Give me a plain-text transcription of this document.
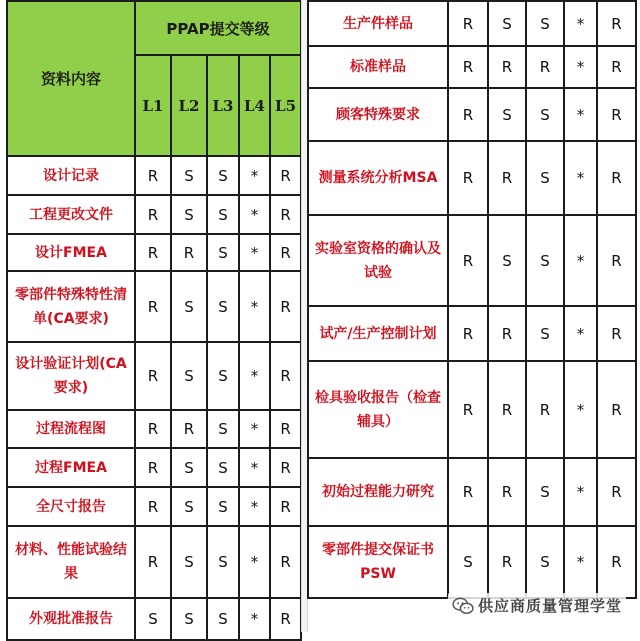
资料内容	PPAP提交等级				
	L1	L2	L3	L4	L5
设计记录	R	S	S	*	R
工程更改文件	R	S	S	*	R
设计FMEA	R	R	S	*	R
零部件特殊特性清单(CA要求)	R	S	S	*	R
设计验证计划(CA要求)	R	S	S	*	R
过程流程图	R	R	S	*	R
过程FMEA	R	S	S	*	R
全尺寸报告	R	S	S	*	R
材料、性能试验结果	R	S	S	*	R
外观批准报告	S	S	S	*	R
生产件样品	R	S	S	*	R
标准样品	R	R	R	*	R
顾客特殊要求	R	S	S	*	R
测量系统分析MSA	R	R	S	*	R
实验室资格的确认及试验	R	S	S	*	R
试产/生产控制计划	R	R	S	*	R
检具验收报告（检查辅具）	R	R	R	*	R
初始过程能力研究	R	R	S	*	R
零部件提交保证书PSW	S	R	S	*	R
供应商质量管理学堂
